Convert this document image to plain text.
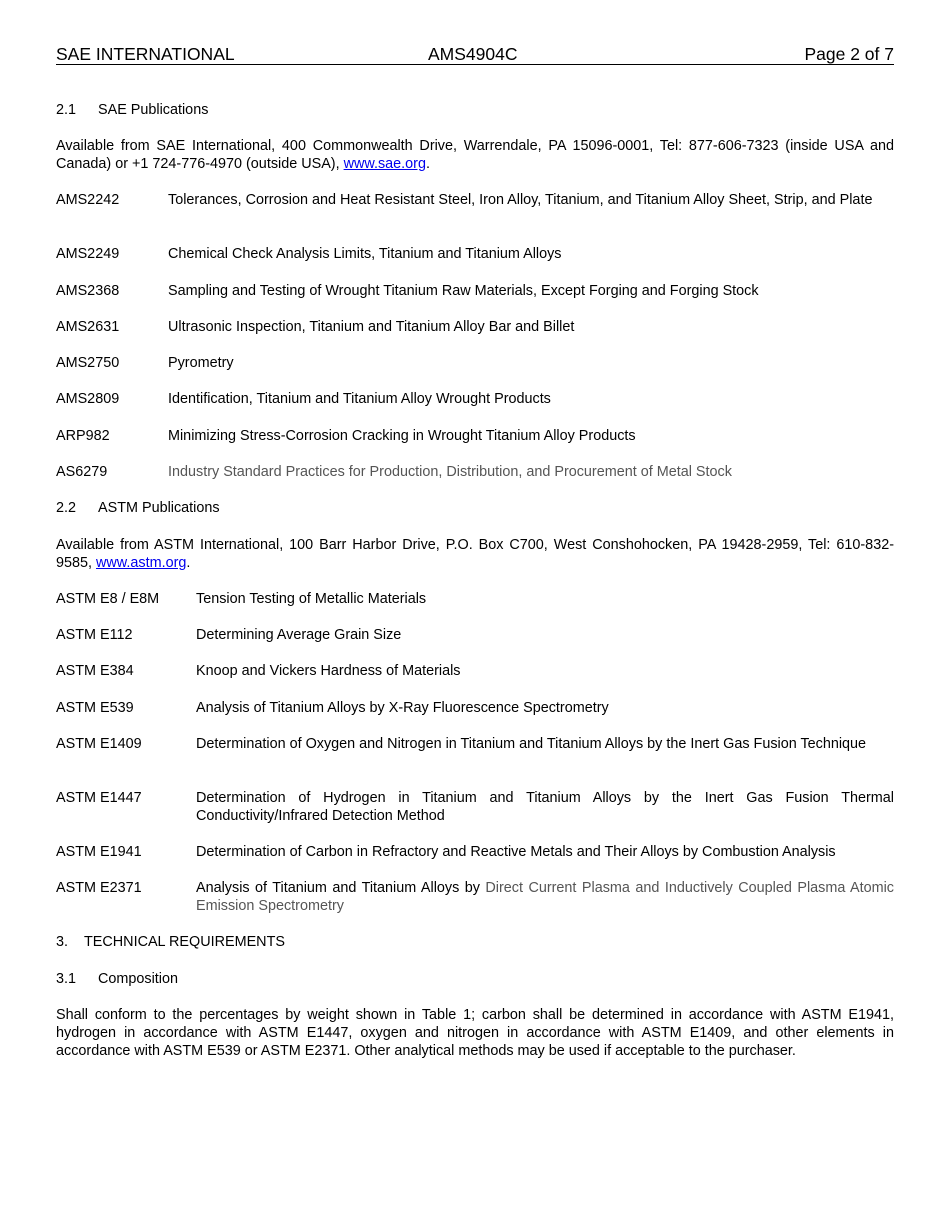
SAE INTERNATIONAL	AMS4904C	Page 2 of 7
2.1 SAE Publications
Available from SAE International, 400 Commonwealth Drive, Warrendale, PA 15096-0001, Tel: 877-606-7323 (inside USA and Canada) or +1 724-776-4970 (outside USA), www.sae.org.
AMS2242	Tolerances, Corrosion and Heat Resistant Steel, Iron Alloy, Titanium, and Titanium Alloy Sheet, Strip, and Plate
AMS2249	Chemical Check Analysis Limits, Titanium and Titanium Alloys
AMS2368	Sampling and Testing of Wrought Titanium Raw Materials, Except Forging and Forging Stock
AMS2631	Ultrasonic Inspection, Titanium and Titanium Alloy Bar and Billet
AMS2750	Pyrometry
AMS2809	Identification, Titanium and Titanium Alloy Wrought Products
ARP982	Minimizing Stress-Corrosion Cracking in Wrought Titanium Alloy Products
AS6279	Industry Standard Practices for Production, Distribution, and Procurement of Metal Stock
2.2 ASTM Publications
Available from ASTM International, 100 Barr Harbor Drive, P.O. Box C700, West Conshohocken, PA 19428-2959, Tel: 610-832-9585, www.astm.org.
ASTM E8 / E8M	Tension Testing of Metallic Materials
ASTM E112	Determining Average Grain Size
ASTM E384	Knoop and Vickers Hardness of Materials
ASTM E539	Analysis of Titanium Alloys by X-Ray Fluorescence Spectrometry
ASTM E1409	Determination of Oxygen and Nitrogen in Titanium and Titanium Alloys by the Inert Gas Fusion Technique
ASTM E1447	Determination of Hydrogen in Titanium and Titanium Alloys by the Inert Gas Fusion Thermal Conductivity/Infrared Detection Method
ASTM E1941	Determination of Carbon in Refractory and Reactive Metals and Their Alloys by Combustion Analysis
ASTM E2371	Analysis of Titanium and Titanium Alloys by Direct Current Plasma and Inductively Coupled Plasma Atomic Emission Spectrometry
3. TECHNICAL REQUIREMENTS
3.1 Composition
Shall conform to the percentages by weight shown in Table 1; carbon shall be determined in accordance with ASTM E1941, hydrogen in accordance with ASTM E1447, oxygen and nitrogen in accordance with ASTM E1409, and other elements in accordance with ASTM E539 or ASTM E2371. Other analytical methods may be used if acceptable to the purchaser.
